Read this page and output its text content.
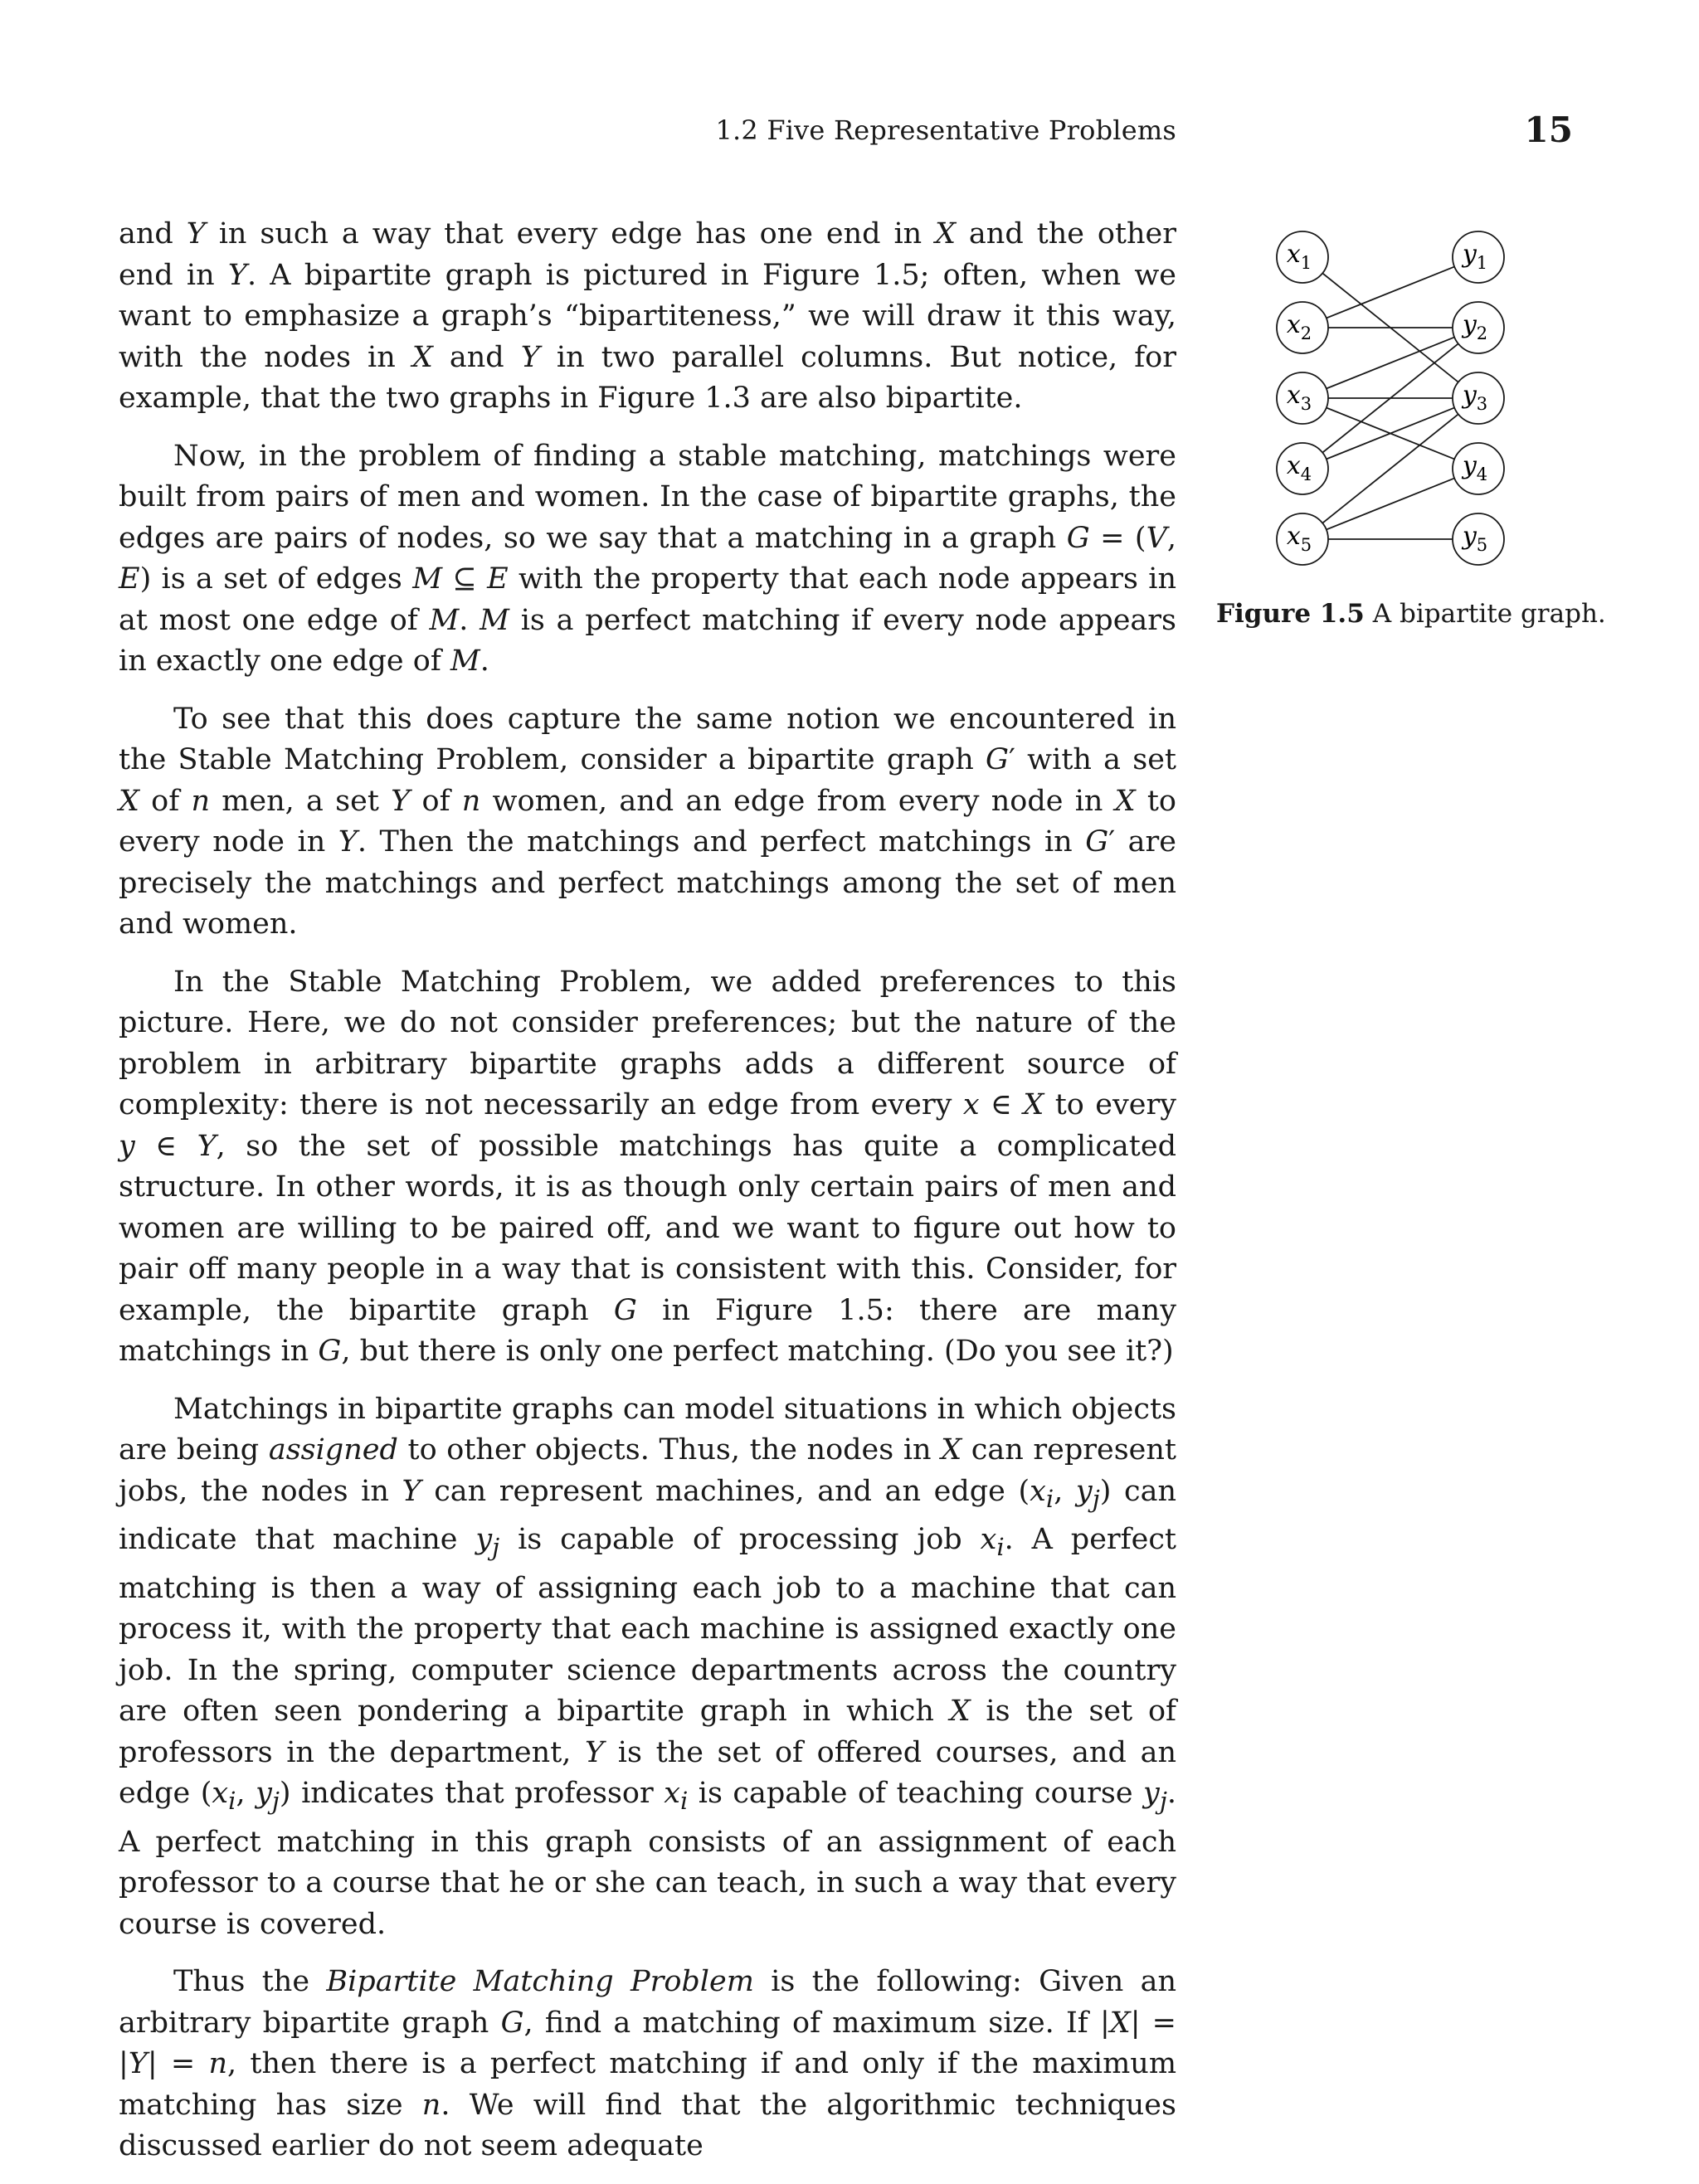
1.2 Five Representative Problems	15

and Y in such a way that every edge has one end in X and the other end in Y. A bipartite graph is pictured in Figure 1.5; often, when we want to emphasize a graph’s “bipartiteness,” we will draw it this way, with the nodes in X and Y in two parallel columns. But notice, for example, that the two graphs in Figure 1.3 are also bipartite.

Now, in the problem of finding a stable matching, matchings were built from pairs of men and women. In the case of bipartite graphs, the edges are pairs of nodes, so we say that a matching in a graph G = (V, E) is a set of edges M ⊆ E with the property that each node appears in at most one edge of M. M is a perfect matching if every node appears in exactly one edge of M.

To see that this does capture the same notion we encountered in the Stable Matching Problem, consider a bipartite graph G′ with a set X of n men, a set Y of n women, and an edge from every node in X to every node in Y. Then the matchings and perfect matchings in G′ are precisely the matchings and perfect matchings among the set of men and women.

In the Stable Matching Problem, we added preferences to this picture. Here, we do not consider preferences; but the nature of the problem in arbitrary bipartite graphs adds a different source of complexity: there is not necessarily an edge from every x ∈ X to every y ∈ Y, so the set of possible matchings has quite a complicated structure. In other words, it is as though only certain pairs of men and women are willing to be paired off, and we want to figure out how to pair off many people in a way that is consistent with this. Consider, for example, the bipartite graph G in Figure 1.5: there are many matchings in G, but there is only one perfect matching. (Do you see it?)

Matchings in bipartite graphs can model situations in which objects are being assigned to other objects. Thus, the nodes in X can represent jobs, the nodes in Y can represent machines, and an edge ($x_i$, $y_j$) can indicate that machine $y_j$ is capable of processing job $x_i$. A perfect matching is then a way of assigning each job to a machine that can process it, with the property that each machine is assigned exactly one job. In the spring, computer science departments across the country are often seen pondering a bipartite graph in which X is the set of professors in the department, Y is the set of offered courses, and an edge ($x_i$, $y_j$) indicates that professor $x_i$ is capable of teaching course $y_j$. A perfect matching in this graph consists of an assignment of each professor to a course that he or she can teach, in such a way that every course is covered.

Thus the Bipartite Matching Problem is the following: Given an arbitrary bipartite graph G, find a matching of maximum size. If |X| = |Y| = n, then there is a perfect matching if and only if the maximum matching has size n. We will find that the algorithmic techniques discussed earlier do not seem adequate

$x_1$
$x_2$
$x_3$
$x_4$
$x_5$
$y_1$
$y_2$
$y_3$
$y_4$
$y_5$
Figure 1.5 A bipartite graph.
